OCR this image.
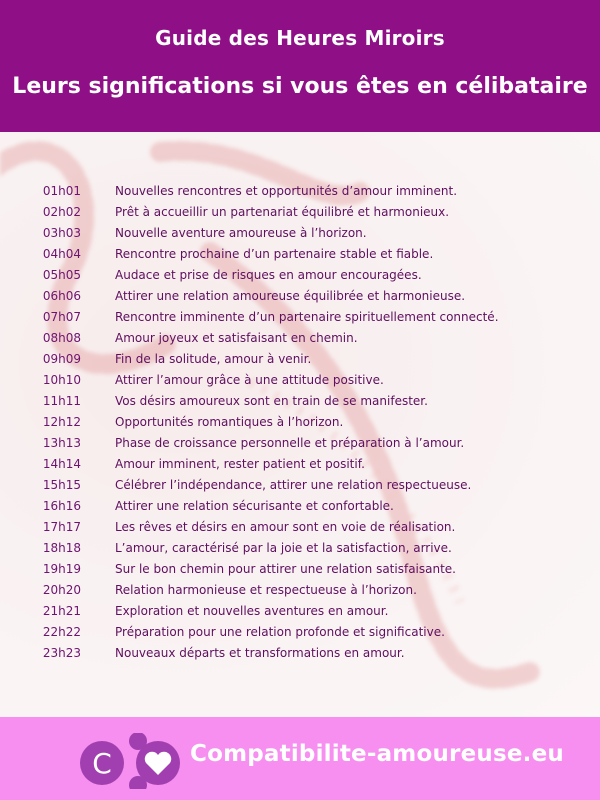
Guide des Heures Miroirs
Leurs significations si vous êtes en célibataire
01h01	Nouvelles rencontres et opportunités d’amour imminent.
02h02	Prêt à accueillir un partenariat équilibré et harmonieux.
03h03	Nouvelle aventure amoureuse à l’horizon.
04h04	Rencontre prochaine d’un partenaire stable et fiable.
05h05	Audace et prise de risques en amour encouragées.
06h06	Attirer une relation amoureuse équilibrée et harmonieuse.
07h07	Rencontre imminente d’un partenaire spirituellement connecté.
08h08	Amour joyeux et satisfaisant en chemin.
09h09	Fin de la solitude, amour à venir.
10h10	Attirer l’amour grâce à une attitude positive.
11h11	Vos désirs amoureux sont en train de se manifester.
12h12	Opportunités romantiques à l’horizon.
13h13	Phase de croissance personnelle et préparation à l’amour.
14h14	Amour imminent, rester patient et positif.
15h15	Célébrer l’indépendance, attirer une relation respectueuse.
16h16	Attirer une relation sécurisante et confortable.
17h17	Les rêves et désirs en amour sont en voie de réalisation.
18h18	L’amour, caractérisé par la joie et la satisfaction, arrive.
19h19	Sur le bon chemin pour attirer une relation satisfaisante.
20h20	Relation harmonieuse et respectueuse à l’horizon.
21h21	Exploration et nouvelles aventures en amour.
22h22	Préparation pour une relation profonde et significative.
23h23	Nouveaux départs et transformations en amour.
C	Compatibilite-amoureuse.eu
